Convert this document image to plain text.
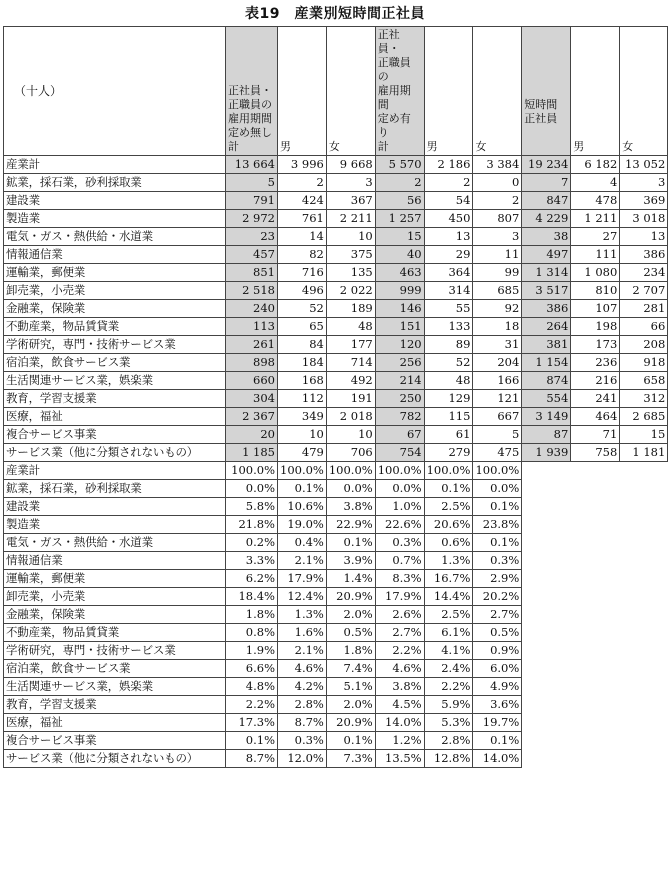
表19　産業別短時間正社員
（十人）	正社員・
正職員の
雇用期間
定め無し
計	男	女	正社員・
正職員の
雇用期間
定め有り
計	男	女	短時間
正社員	男	女
産業計	13 664	3 996	9 668	5 570	2 186	3 384	19 234	6 182	13 052
鉱業，採石業，砂利採取業	5	2	3	2	2	0	7	4	3
建設業	791	424	367	56	54	2	847	478	369
製造業	2 972	761	2 211	1 257	450	807	4 229	1 211	3 018
電気・ガス・熱供給・水道業	23	14	10	15	13	3	38	27	13
情報通信業	457	82	375	40	29	11	497	111	386
運輸業，郵便業	851	716	135	463	364	99	1 314	1 080	234
卸売業，小売業	2 518	496	2 022	999	314	685	3 517	810	2 707
金融業，保険業	240	52	189	146	55	92	386	107	281
不動産業，物品賃貸業	113	65	48	151	133	18	264	198	66
学術研究，専門・技術サービス業	261	84	177	120	89	31	381	173	208
宿泊業，飲食サービス業	898	184	714	256	52	204	1 154	236	918
生活関連サービス業，娯楽業	660	168	492	214	48	166	874	216	658
教育，学習支援業	304	112	191	250	129	121	554	241	312
医療，福祉	2 367	349	2 018	782	115	667	3 149	464	2 685
複合サービス事業	20	10	10	67	61	5	87	71	15
サービス業（他に分類されないもの）	1 185	479	706	754	279	475	1 939	758	1 181
産業計	100.0%	100.0%	100.0%	100.0%	100.0%	100.0%			
鉱業，採石業，砂利採取業	0.0%	0.1%	0.0%	0.0%	0.1%	0.0%			
建設業	5.8%	10.6%	3.8%	1.0%	2.5%	0.1%			
製造業	21.8%	19.0%	22.9%	22.6%	20.6%	23.8%			
電気・ガス・熱供給・水道業	0.2%	0.4%	0.1%	0.3%	0.6%	0.1%			
情報通信業	3.3%	2.1%	3.9%	0.7%	1.3%	0.3%			
運輸業，郵便業	6.2%	17.9%	1.4%	8.3%	16.7%	2.9%			
卸売業，小売業	18.4%	12.4%	20.9%	17.9%	14.4%	20.2%			
金融業，保険業	1.8%	1.3%	2.0%	2.6%	2.5%	2.7%			
不動産業，物品賃貸業	0.8%	1.6%	0.5%	2.7%	6.1%	0.5%			
学術研究，専門・技術サービス業	1.9%	2.1%	1.8%	2.2%	4.1%	0.9%			
宿泊業，飲食サービス業	6.6%	4.6%	7.4%	4.6%	2.4%	6.0%			
生活関連サービス業，娯楽業	4.8%	4.2%	5.1%	3.8%	2.2%	4.9%			
教育，学習支援業	2.2%	2.8%	2.0%	4.5%	5.9%	3.6%			
医療，福祉	17.3%	8.7%	20.9%	14.0%	5.3%	19.7%			
複合サービス事業	0.1%	0.3%	0.1%	1.2%	2.8%	0.1%			
サービス業（他に分類されないもの）	8.7%	12.0%	7.3%	13.5%	12.8%	14.0%			
